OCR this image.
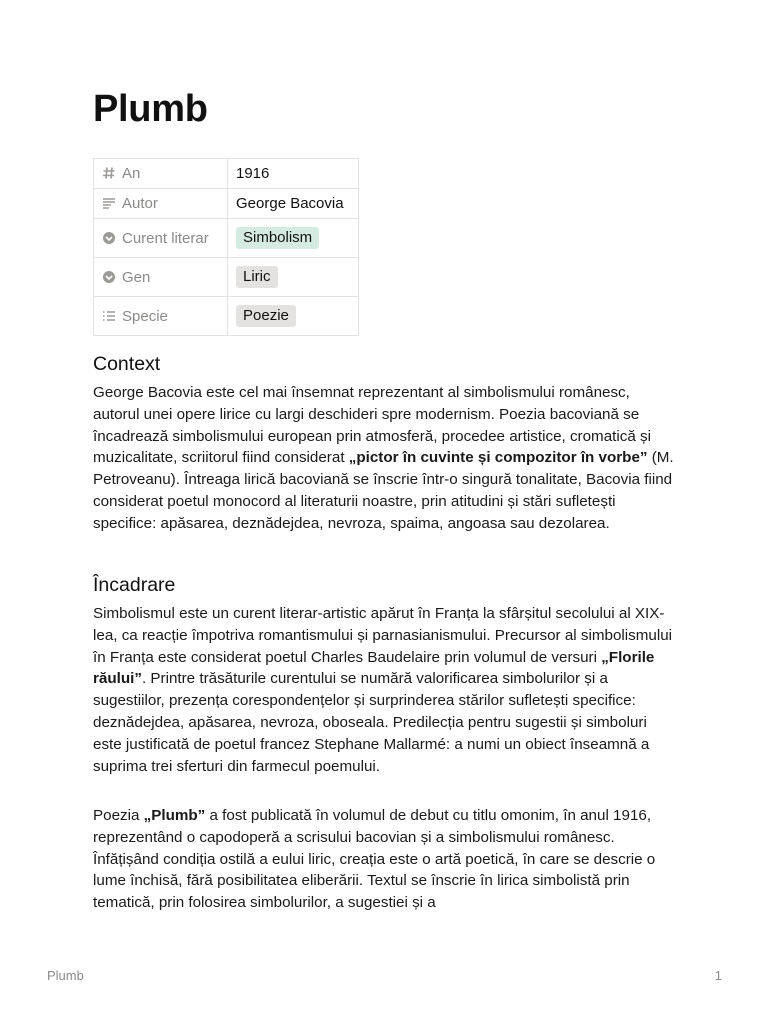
Plumb
An	1916
Autor	George Bacovia
Curent literar	Simbolism
Gen	Liric
Specie	Poezie
Context

George Bacovia este cel mai însemnat reprezentant al simbolismului românesc, autorul unei opere lirice cu largi deschideri spre modernism. Poezia bacoviană se încadrează simbolismului european prin atmosferă, procedee artistice, cromatică și muzicalitate, scriitorul fiind considerat „pictor în cuvinte și compozitor în vorbe” (M. Petroveanu). Întreaga lirică bacoviană se înscrie într-o singură tonalitate, Bacovia fiind considerat poetul monocord al literaturii noastre, prin atitudini și stări sufletești specifice: apăsarea, deznădejdea, nevroza, spaima, angoasa sau dezolarea.

Încadrare

Simbolismul este un curent literar-artistic apărut în Franța la sfârșitul secolului al XIX-lea, ca reacție împotriva romantismului și parnasianismului. Precursor al simbolismului în Franța este considerat poetul Charles Baudelaire prin volumul de versuri „Florile răului”. Printre trăsăturile curentului se numără valorificarea simbolurilor și a sugestiilor, prezența corespondențelor și surprinderea stărilor sufletești specifice: deznădejdea, apăsarea, nevroza, oboseala. Predilecția pentru sugestii și simboluri este justificată de poetul francez Stephane Mallarmé: a numi un obiect înseamnă a suprima trei sferturi din farmecul poemului.

Poezia „Plumb” a fost publicată în volumul de debut cu titlu omonim, în anul 1916, reprezentând o capodoperă a scrisului bacovian și a simbolismului românesc. Înfățișând condiția ostilă a eului liric, creația este o artă poetică, în care se descrie o lume închisă, fără posibilitatea eliberării. Textul se înscrie în lirica simbolistă prin tematică, prin folosirea simbolurilor, a sugestiei și a

Plumb	1
